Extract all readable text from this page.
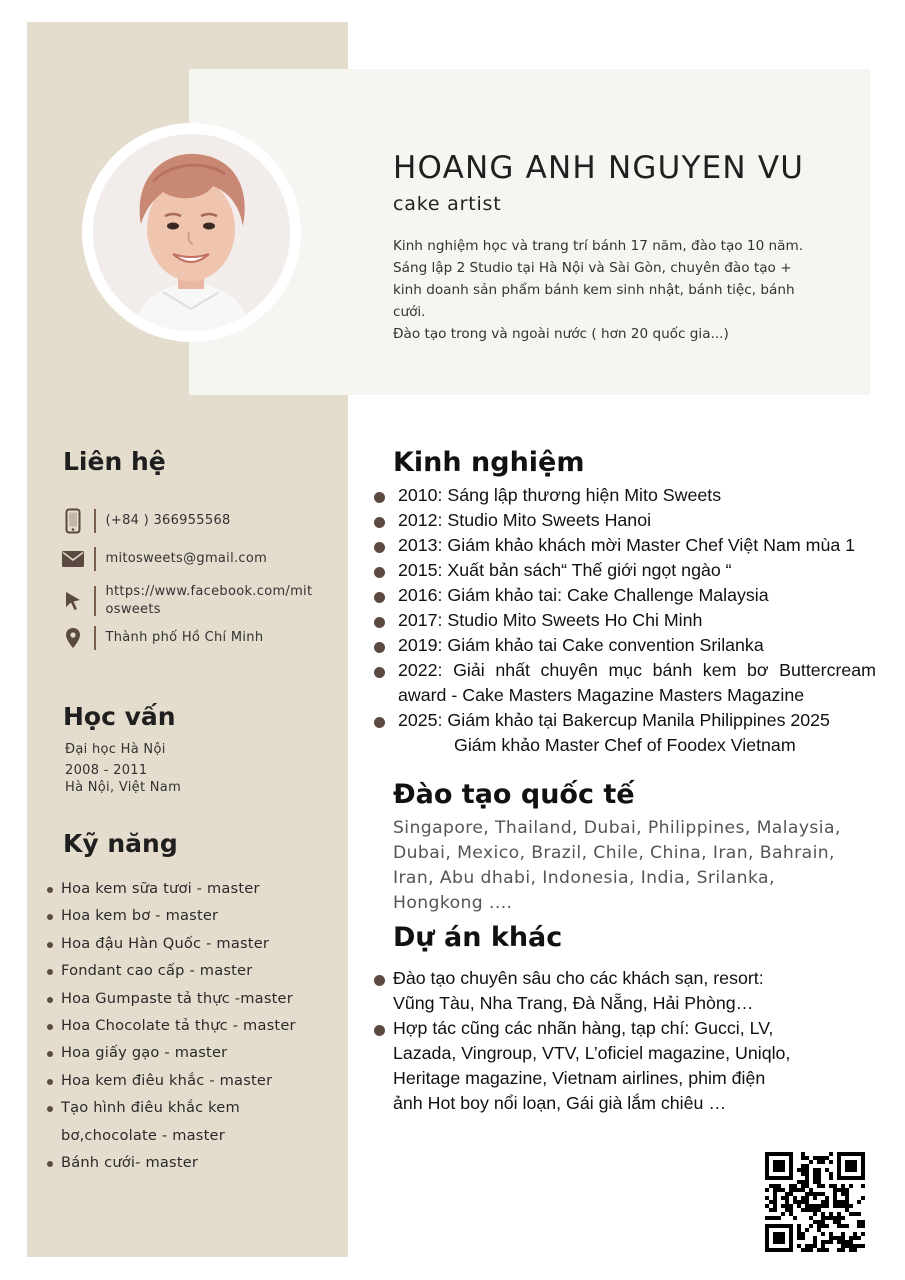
HOANG ANH NGUYEN VU
cake artist
Kinh nghiệm học và trang trí bánh 17 năm, đào tạo 10 năm.
Sáng lập 2 Studio tại Hà Nội và Sài Gòn, chuyên đào tạo +
kinh doanh sản phẩm bánh kem sinh nhật, bánh tiệc, bánh
cưới.
Đào tạo trong và ngoài nước ( hơn 20 quốc gia...)
Liên hệ
(+84 ) 366955568
mitosweets@gmail.com
https://www.facebook.com/mit
osweets
Thành phố Hồ Chí Minh
Học vấn
Đại học Hà Nội
2008 - 2011
Hà Nội, Việt Nam
Kỹ năng
Hoa kem sữa tươi - master
Hoa kem bơ - master
Hoa đậu Hàn Quốc - master
Fondant cao cấp - master
Hoa Gumpaste tả thực -master
Hoa Chocolate tả thực - master
Hoa giấy gạo - master
Hoa kem điêu khắc - master
Tạo hình điêu khắc kem
bơ,chocolate - master
Bánh cưới- master
Kinh nghiệm
2010: Sáng lập thương hiện Mito Sweets
2012: Studio Mito Sweets Hanoi
2013: Giám khảo khách mời Master Chef Việt Nam mùa 1
2015: Xuất bản sách“ Thế giới ngọt ngào “
2016: Giám khảo tai: Cake Challenge Malaysia
2017: Studio Mito Sweets Ho Chi Minh
2019: Giám khảo tai Cake convention Srilanka
2022: Giải nhất chuyên mục bánh kem bơ Buttercream
award - Cake Masters Magazine Masters Magazine
2025: Giám khảo tại Bakercup Manila Philippines 2025
Giám khảo Master Chef of Foodex Vietnam
Đào tạo quốc tế
Singapore, Thailand, Dubai, Philippines, Malaysia,
Dubai, Mexico, Brazil, Chile, China, Iran, Bahrain,
Iran, Abu dhabi, Indonesia, India, Srilanka,
Hongkong ....
Dự án khác
Đào tạo chuyên sâu cho các khách sạn, resort:
Vũng Tàu, Nha Trang, Đà Nẵng, Hải Phòng…
Hợp tác cũng các nhãn hàng, tạp chí: Gucci, LV,
Lazada, Vingroup, VTV, L’oficiel magazine, Uniqlo,
Heritage magazine, Vietnam airlines, phim điện
ảnh Hot boy nổi loạn, Gái già lắm chiêu …
